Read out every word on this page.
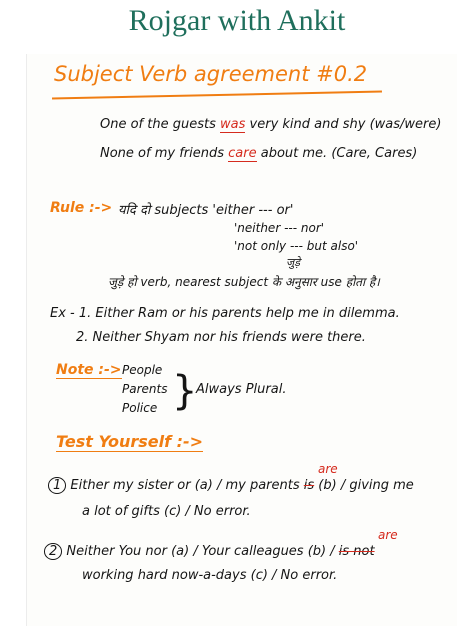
Rojgar with Ankit
Subject Verb agreement #0.2
One of the guests was very kind and shy (was/were)
None of my friends care about me. (Care, Cares)
Rule :-> यदि दो subjects 'either --- or'
'neither --- nor'
'not only --- but also'
जुड़े
जुड़े हो verb, nearest subject के अनुसार use होता है।
Ex - 1. Either Ram or his parents help me in dilemma.
2. Neither Shyam nor his friends were there.
Note :-> People
Parents
Police }
Always Plural.
Test Yourself :->
are
1 Either my sister or (a) / my parents is (b) / giving me
a lot of gifts (c) / No error.
are
2 Neither You nor (a) / Your calleagues (b) / is not
working hard now-a-days (c) / No error.
